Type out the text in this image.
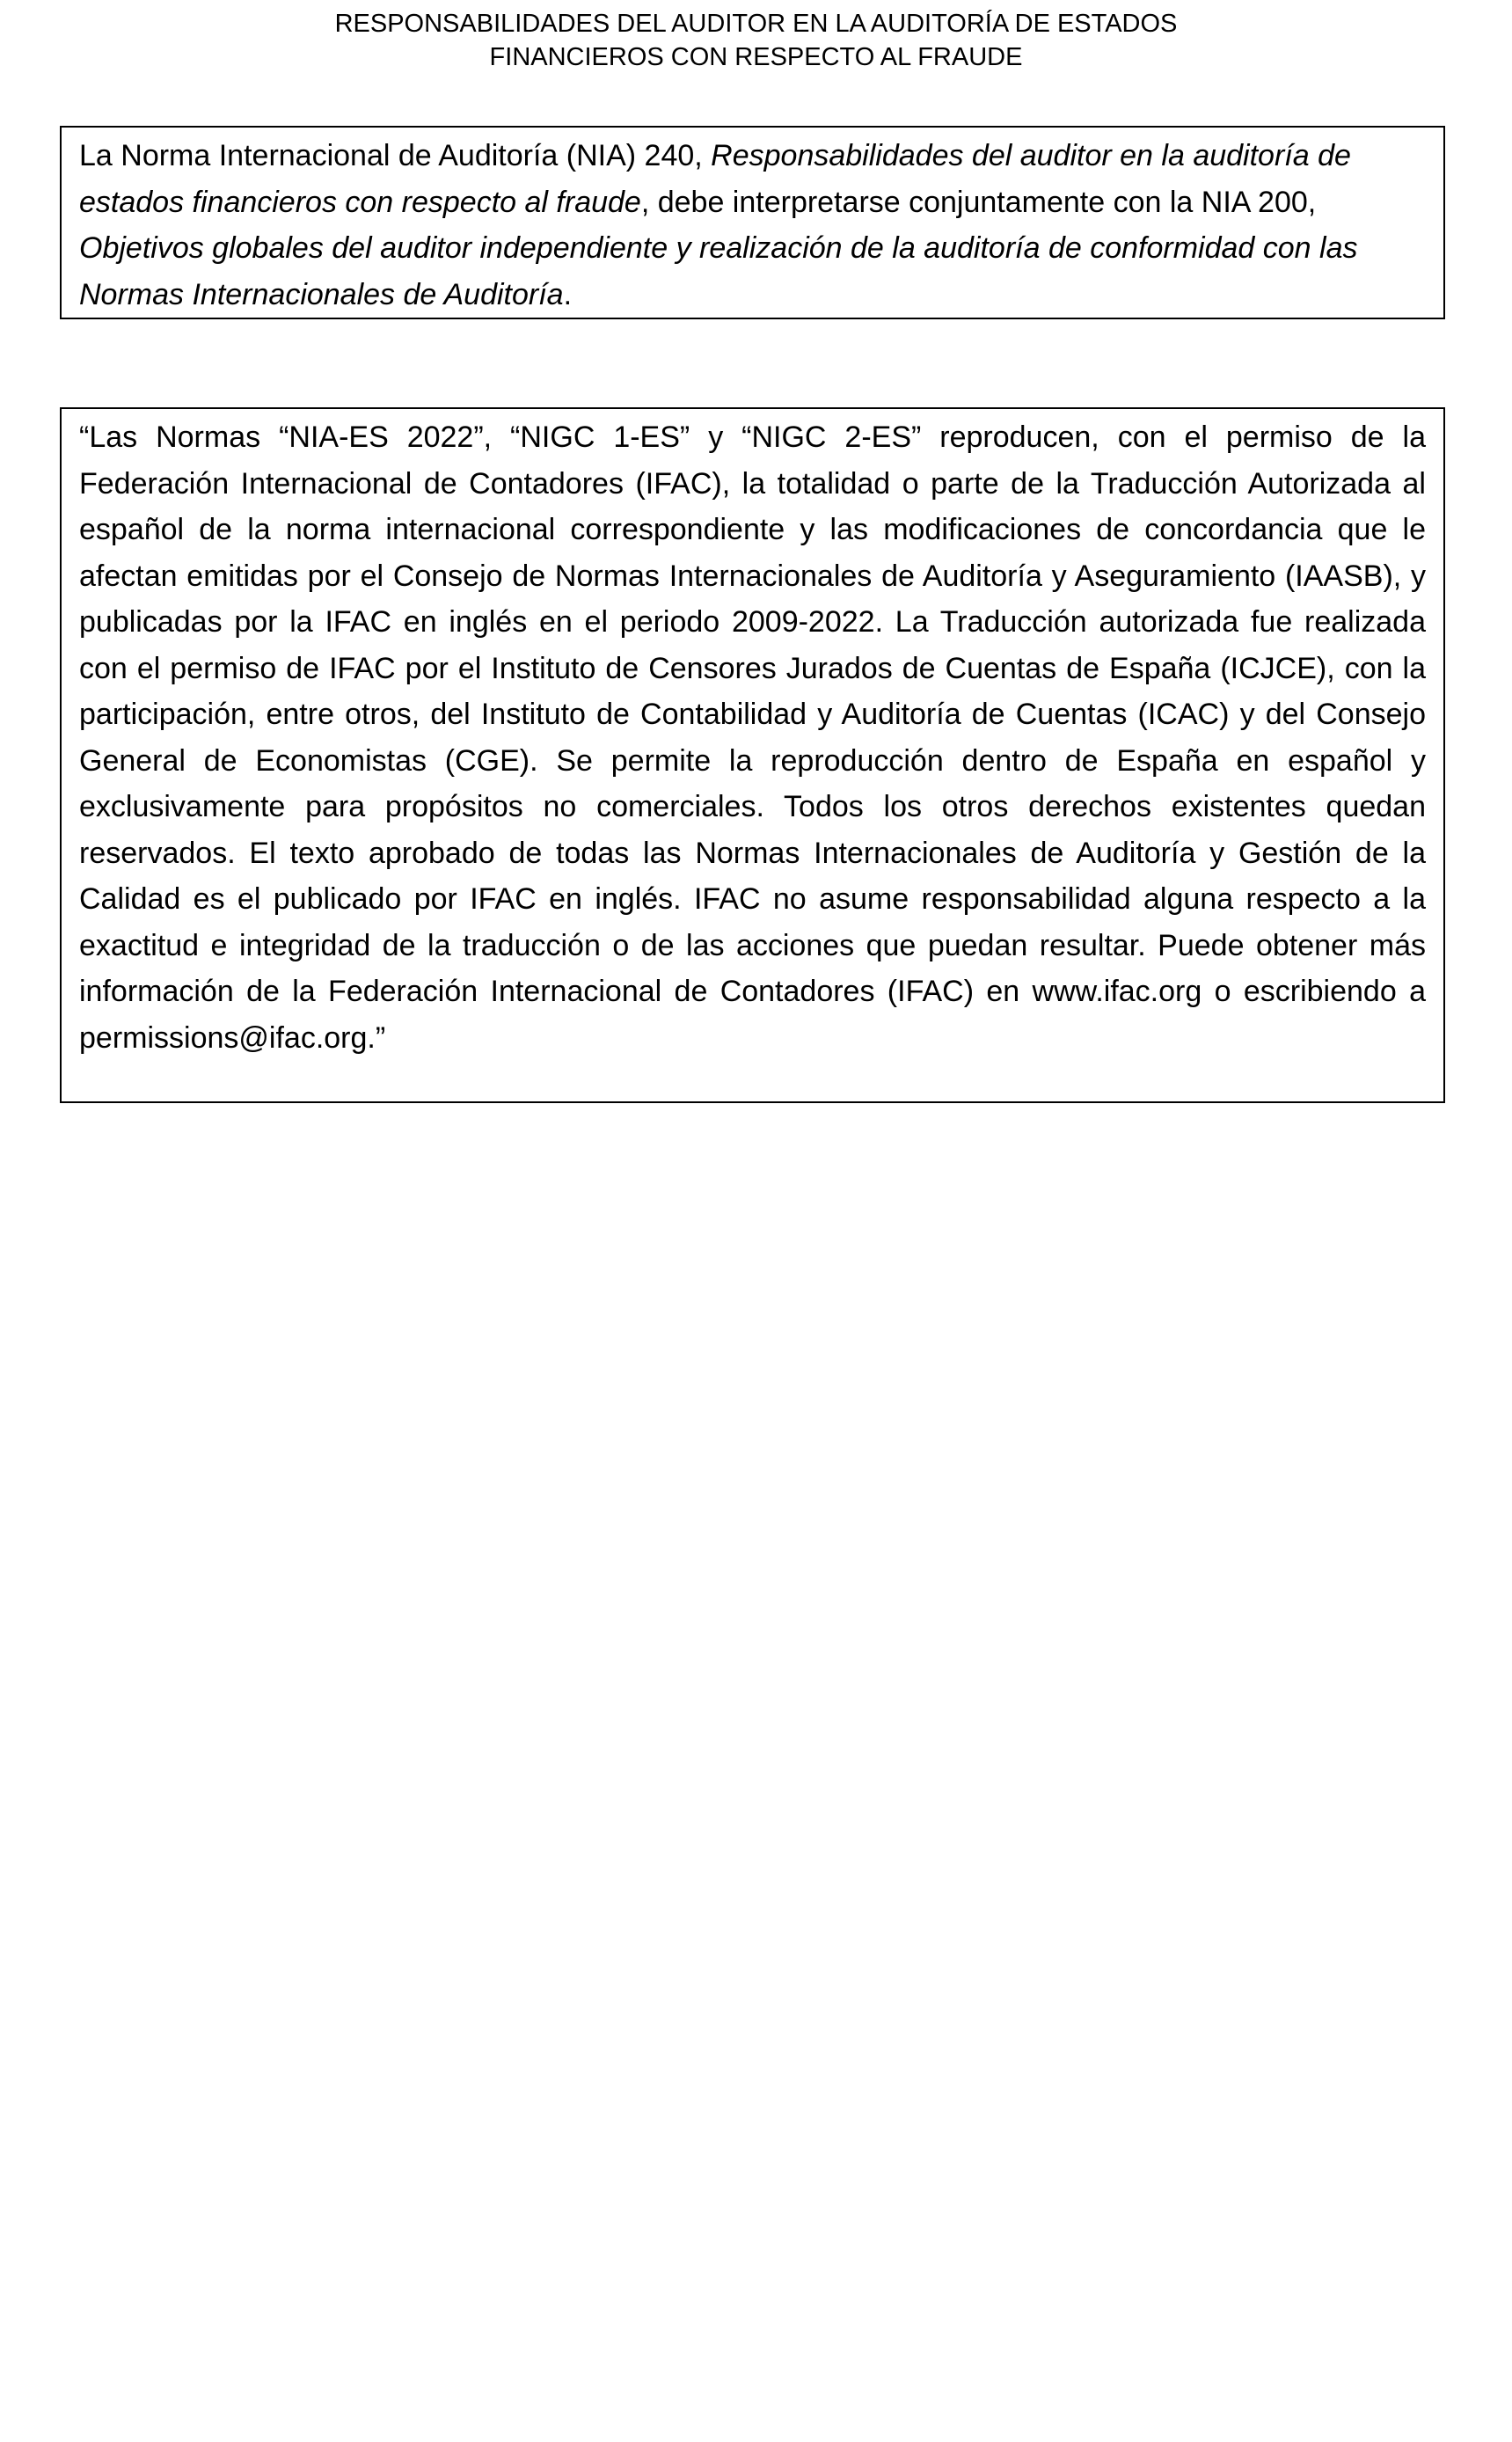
RESPONSABILIDADES DEL AUDITOR EN LA AUDITORÍA DE ESTADOS
FINANCIEROS CON RESPECTO AL FRAUDE
La Norma Internacional de Auditoría (NIA) 240, Responsabilidades del auditor en la auditoría de estados financieros con respecto al fraude, debe interpretarse conjuntamente con la NIA 200, Objetivos globales del auditor independiente y realización de la auditoría de conformidad con las Normas Internacionales de Auditoría.

“Las Normas “NIA-ES 2022”, “NIGC 1-ES” y “NIGC 2-ES” reproducen, con el permiso de la Federación Internacional de Contadores (IFAC), la totalidad o parte de la Traducción Autorizada al español de la norma internacional correspondiente y las modificaciones de concordancia que le afectan emitidas por el Consejo de Normas Internacionales de Auditoría y Aseguramiento (IAASB), y publicadas por la IFAC en inglés en el periodo 2009-2022. La Traducción autorizada fue realizada con el permiso de IFAC por el Instituto de Censores Jurados de Cuentas de España (ICJCE), con la participación, entre otros, del Instituto de Contabilidad y Auditoría de Cuentas (ICAC) y del Consejo General de Economistas (CGE). Se permite la reproducción dentro de España en español y exclusivamente para propósitos no comerciales. Todos los otros derechos existentes quedan reservados. El texto aprobado de todas las Normas Internacionales de Auditoría y Gestión de la Calidad es el publicado por IFAC en inglés. IFAC no asume responsabilidad alguna respecto a la exactitud e integridad de la traducción o de las acciones que puedan resultar. Puede obtener más información de la Federación Internacional de Contadores (IFAC) en www.ifac.org o escribiendo a permissions@ifac.org.”
